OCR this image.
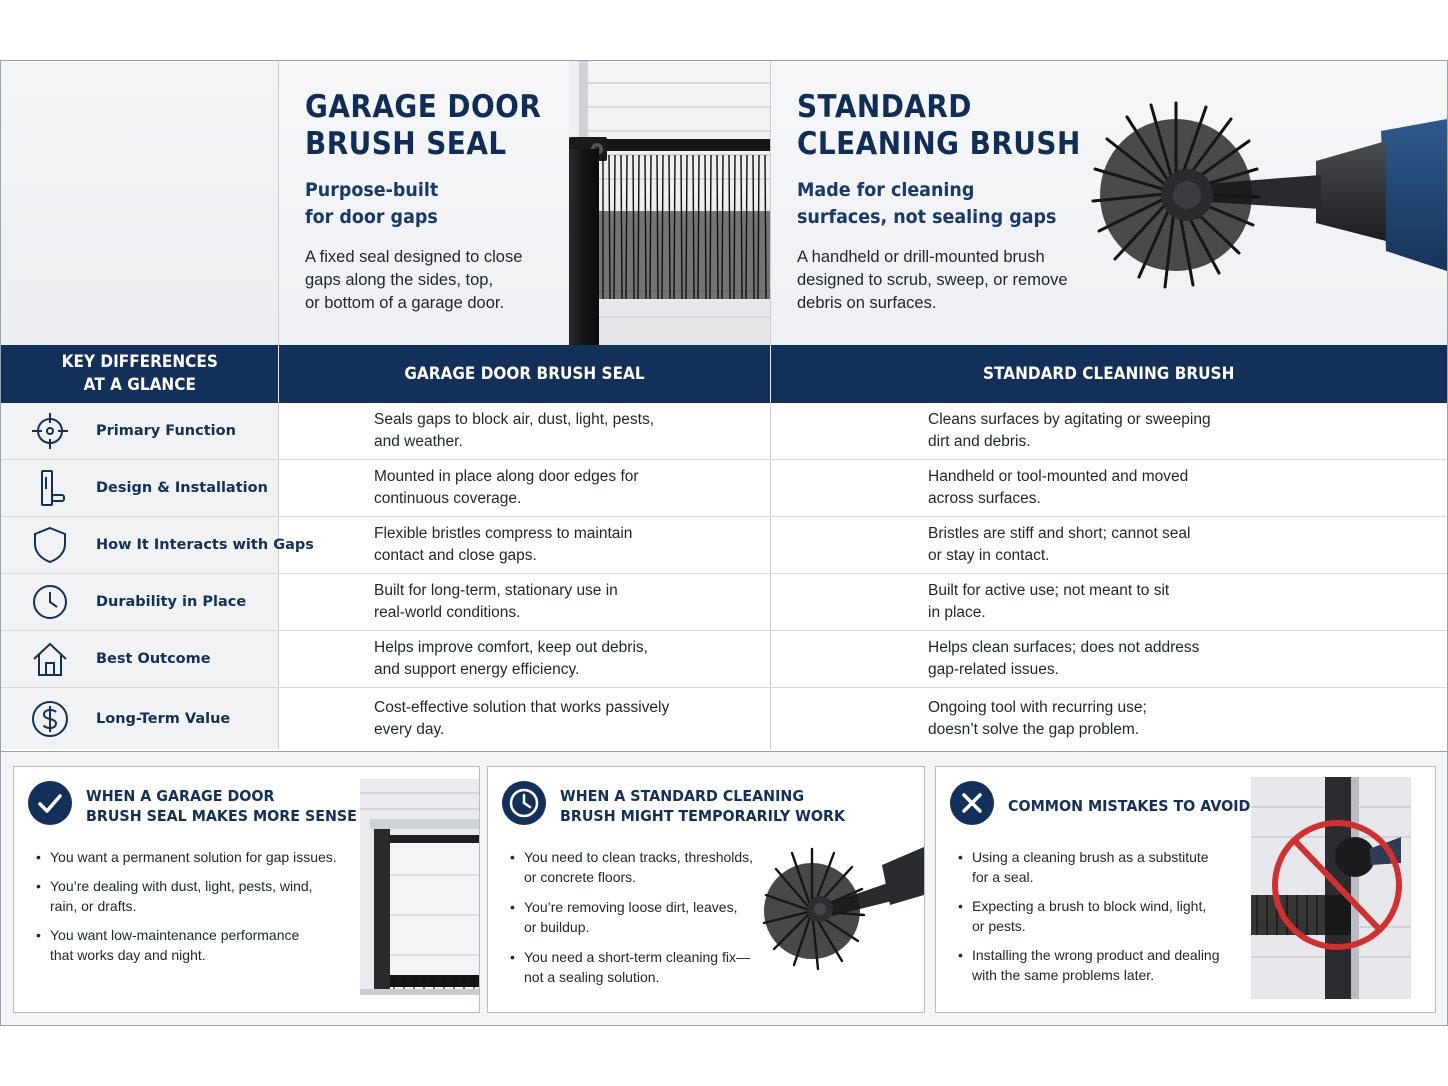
GARAGE DOOR
BRUSH SEAL
Purpose-built
for door gaps
A fixed seal designed to close
gaps along the sides, top,
or bottom of a garage door.
STANDARD
CLEANING BRUSH
Made for cleaning
surfaces, not sealing gaps
A handheld or drill-mounted brush
designed to scrub, sweep, or remove
debris on surfaces.
KEY DIFFERENCES
AT A GLANCE
GARAGE DOOR BRUSH SEAL	STANDARD CLEANING BRUSH
Primary Function
Seals gaps to block air, dust, light, pests,
and weather.
Cleans surfaces by agitating or sweeping
dirt and debris.
Design & Installation
Mounted in place along door edges for
continuous coverage.
Handheld or tool-mounted and moved
across surfaces.
How It Interacts with Gaps
Flexible bristles compress to maintain
contact and close gaps.
Bristles are stiff and short; cannot seal
or stay in contact.
Durability in Place
Built for long-term, stationary use in
real-world conditions.
Built for active use; not meant to sit
in place.
Best Outcome
Helps improve comfort, keep out debris,
and support energy efficiency.
Helps clean surfaces; does not address
gap-related issues.
Long-Term Value
Cost-effective solution that works passively
every day.
Ongoing tool with recurring use;
doesn’t solve the gap problem.
WHEN A GARAGE DOOR
BRUSH SEAL MAKES MORE SENSE
• You want a permanent solution for gap issues.
• You’re dealing with dust, light, pests, wind,
rain, or drafts.
• You want low-maintenance performance
that works day and night.
WHEN A STANDARD CLEANING
BRUSH MIGHT TEMPORARILY WORK
• You need to clean tracks, thresholds,
or concrete floors.
• You’re removing loose dirt, leaves,
or buildup.
• You need a short-term cleaning fix—
not a sealing solution.
COMMON MISTAKES TO AVOID
• Using a cleaning brush as a substitute
for a seal.
• Expecting a brush to block wind, light,
or pests.
• Installing the wrong product and dealing
with the same problems later.
